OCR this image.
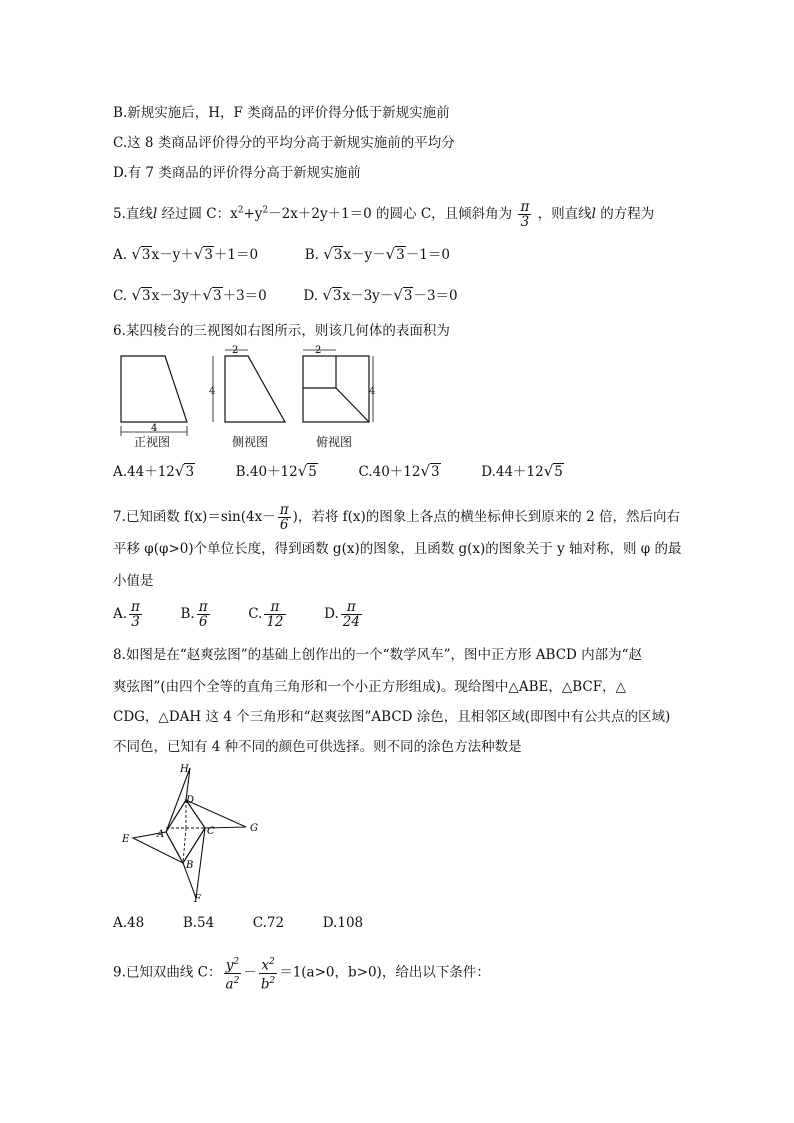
B.新规实施后，H，F 类商品的评价得分低于新规实施前
C.这 8 类商品评价得分的平均分高于新规实施前的平均分
D.有 7 类商品的评价得分高于新规实施前
5.直线l 经过圆 C：$x^2+y^2-2x+2y+1=0$ 的圆心 C，且倾斜角为 $\frac{\pi}{3}$ ，则直线l 的方程为
A. √3x－y＋√3＋1＝0	B. √3x－y－√3－1＝0
C. √3x－3y＋√3＋3＝0	D. √3x－3y－√3－3＝0
6.某四棱台的三视图如右图所示，则该几何体的表面积为
4
2
4
2
4
正视图	侧视图	俯视图
A.44＋12√3	B.40＋12√5	C.40＋12√3	D.44＋12√5
7.已知函数 $f(x)=\sin(4x- \frac{\pi}{6}$ )，若将 f(x)的图象上各点的横坐标伸长到原来的 2 倍，然后向右
平移 φ(φ>0)个单位长度，得到函数 g(x)的图象，且函数 g(x)的图象关于 y 轴对称，则 φ 的最
小值是
A. $\frac{\pi}{3}$	B. $\frac{\pi}{6}$	C. $\frac{\pi}{12}$	D. $\frac{\pi}{24}$
8.如图是在“赵爽弦图”的基础上创作出的一个“数学风车”，图中正方形 ABCD 内部为“赵
爽弦图”(由四个全等的直角三角形和一个小正方形组成)。现给图中△ABE，△BCF，△
CDG，△DAH 这 4 个三角形和“赵爽弦图”ABCD 涂色，且相邻区域(即图中有公共点的区域)
不同色，已知有 4 种不同的颜色可供选择。则不同的涂色方法种数是
H
D
G
E	A	C
B
F
A.48	B.54	C.72	D.108
9.已知双曲线 C： $\frac{y^2}{a^2} - \frac{x^2}{b^2} =1(a>0$，b>0)，给出以下条件：
